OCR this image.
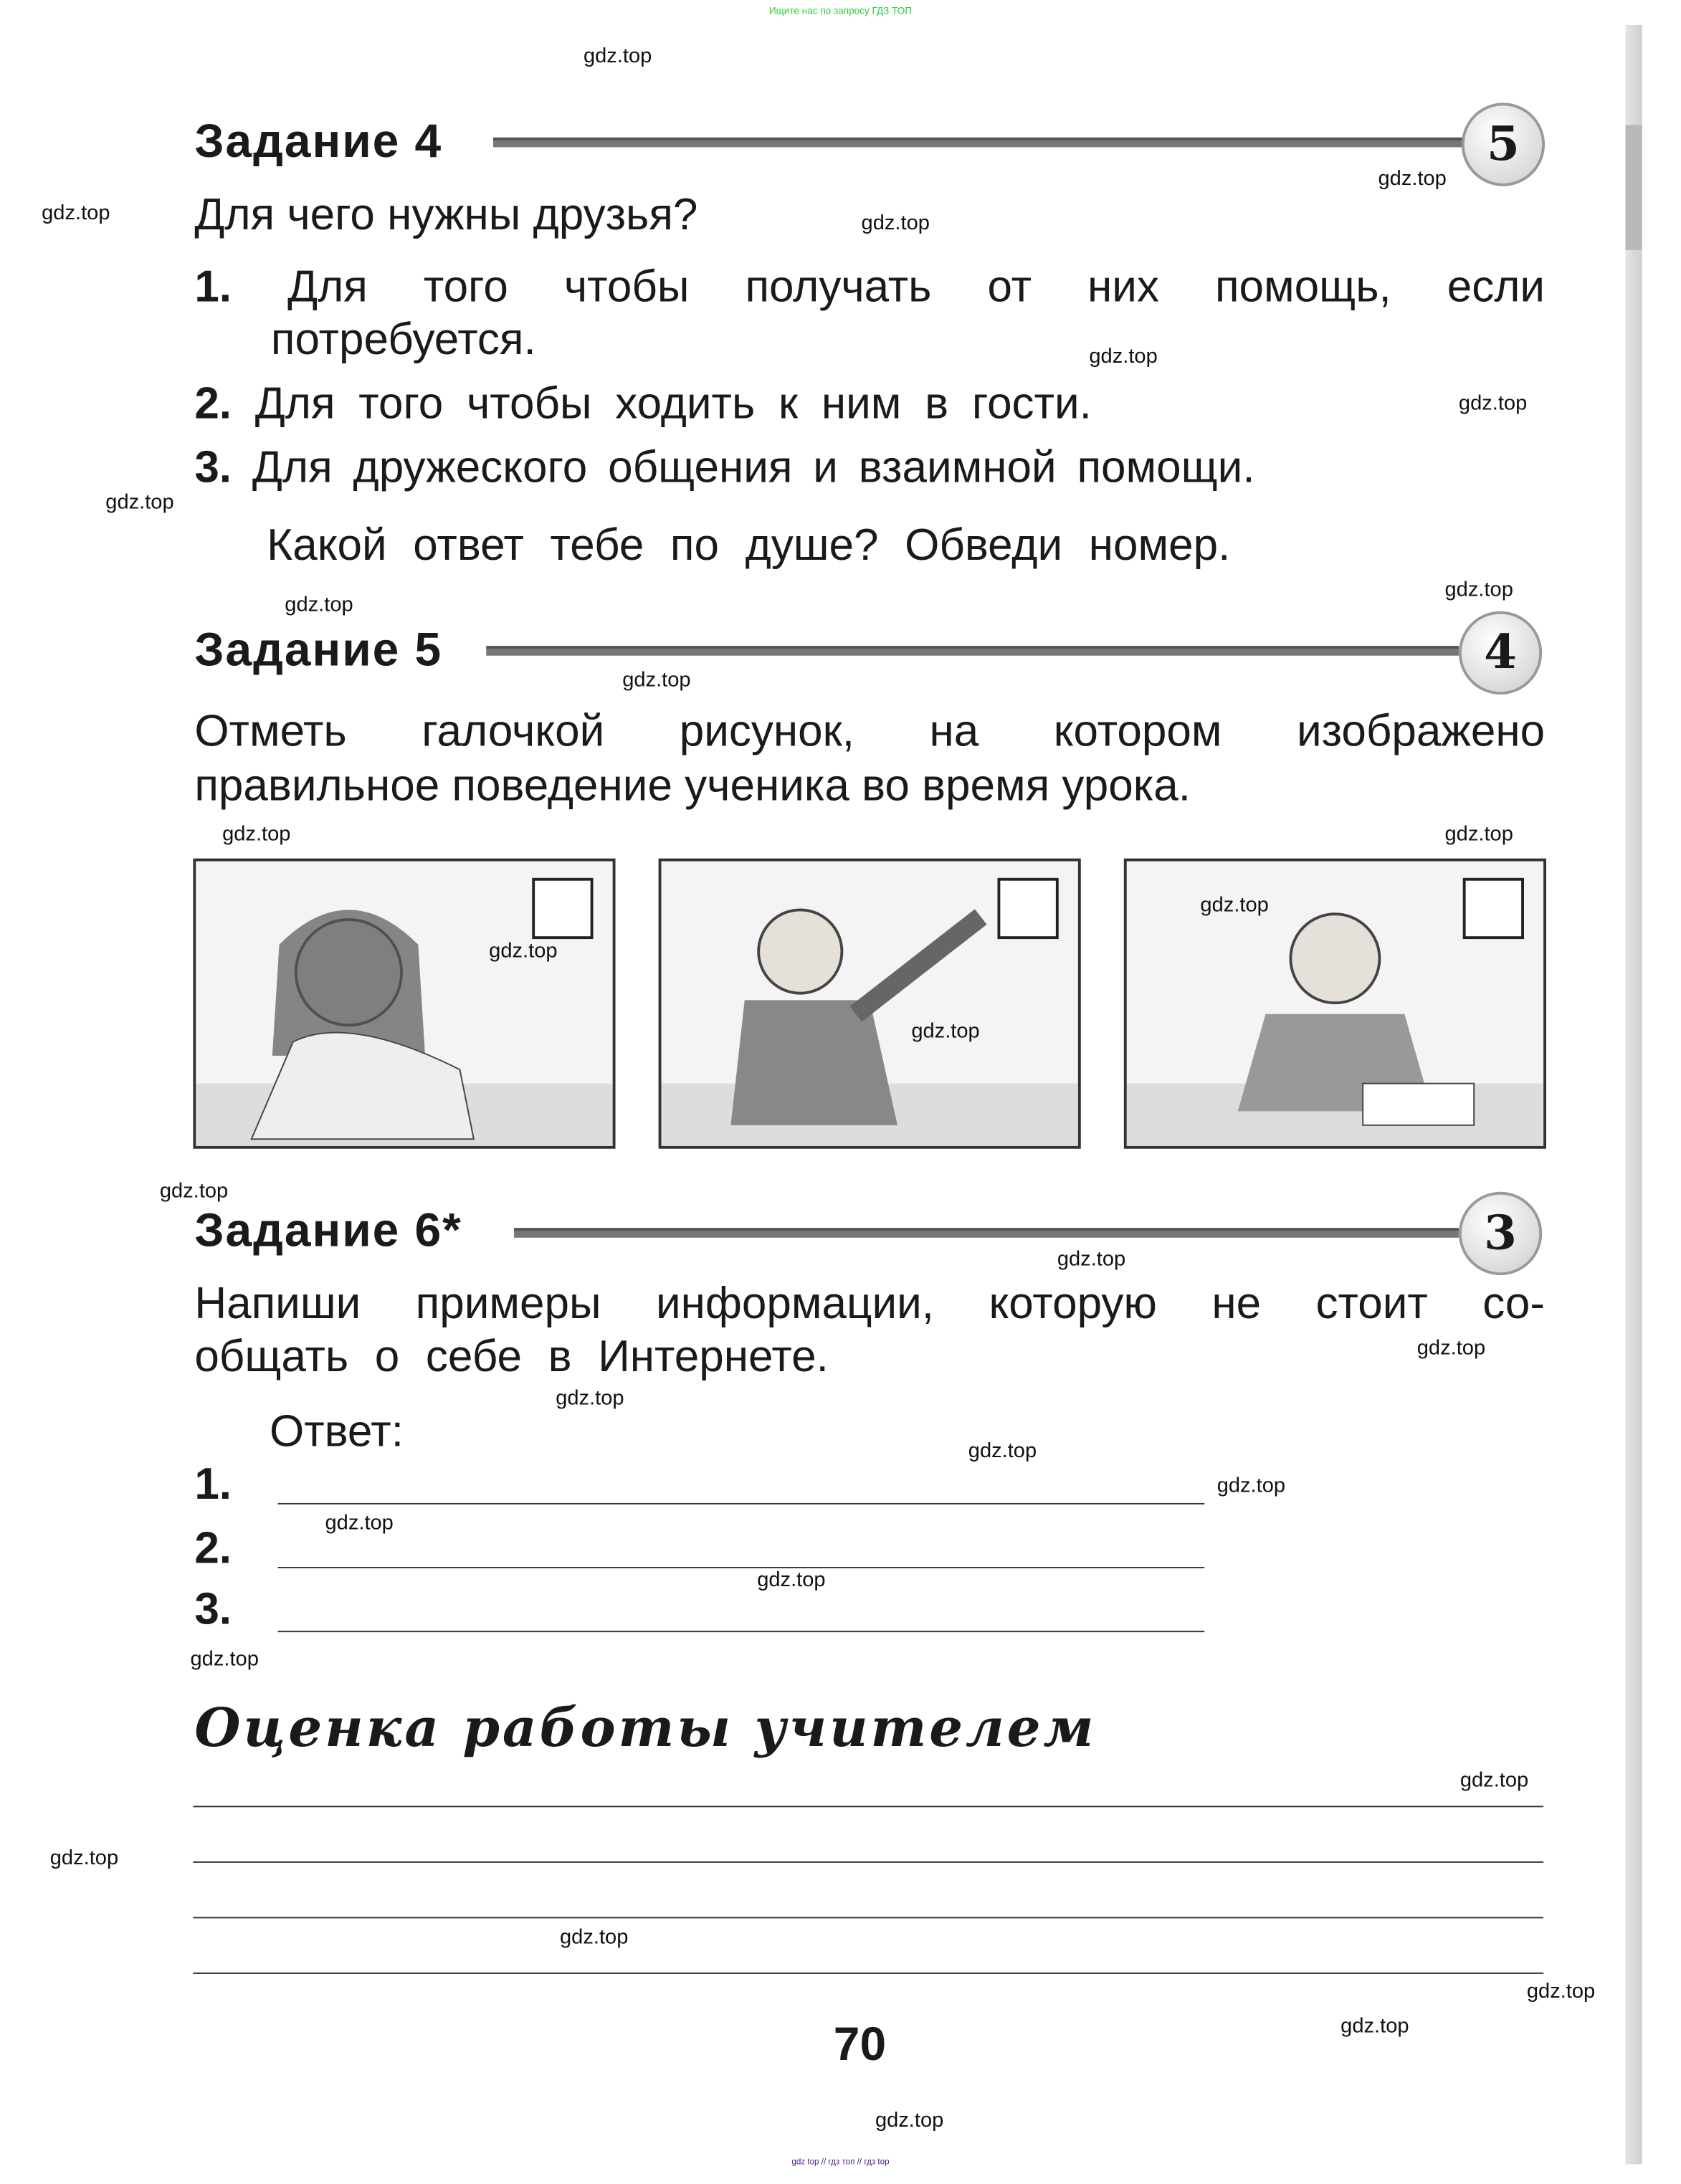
Ищите нас по запросу ГДЗ ТОП
Задание 4	5
Для чего нужны друзья?
1. Для того чтобы получать от них помощь, если
потребуется.
2. Для того чтобы ходить к ним в гости.
3. Для дружеского общения и взаимной помощи.
Какой ответ тебе по душе? Обведи номер.
Задание 5	4
Отметь галочкой рисунок, на котором изображено
правильное поведение ученика во время урока.
Задание 6*	3
Напиши примеры информации, которую не стоит со-
общать о себе в Интернете.
Ответ:
1.
2.
3.
Оценка работы учителем
70
gdz top // гдз топ // гдз top
gdz.top
gdz.top
gdz.top	gdz.top
gdz.top
gdz.top
gdz.top
gdz.top
gdz.top
gdz.top
gdz.top
gdz.top
gdz.top
gdz.top
gdz.top
gdz.top
gdz.top
gdz.top
gdz.top
gdz.top
gdz.top
gdz.top
gdz.top
gdz.top
gdz.top
gdz.top
gdz.top
gdz.top
gdz.top
gdz.top
